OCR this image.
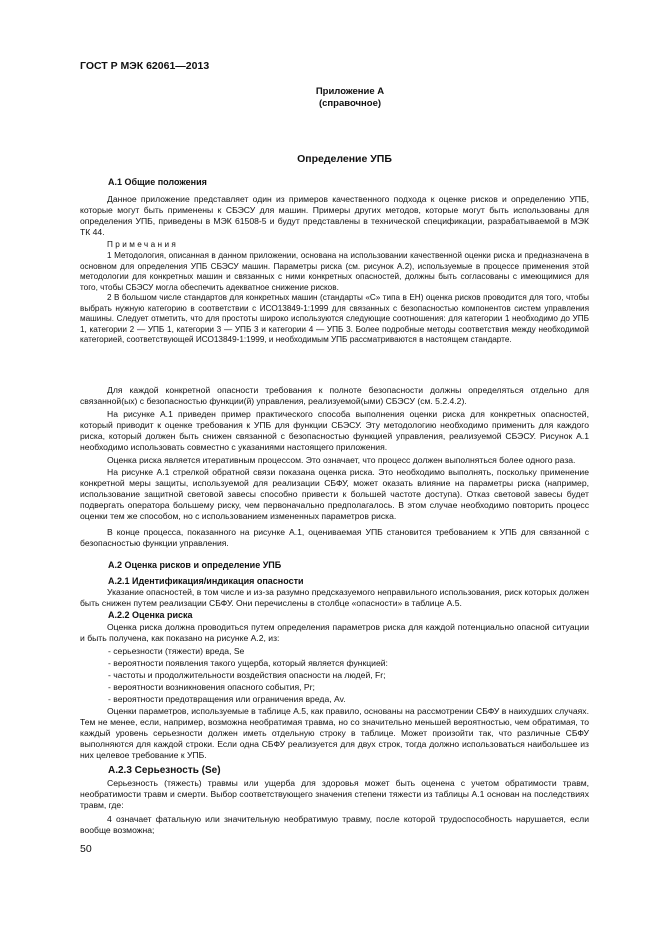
ГОСТ Р МЭК 62061—2013
Приложение А
(справочное)
Определение УПБ
А.1 Общие положения

Данное приложение представляет один из примеров качественного подхода к оценке рисков и определению УПБ, которые могут быть применены к СБЭСУ для машин. Примеры других методов, которые могут быть использованы для определения УПБ, приведены в МЭК 61508-5 и будут представлены в технической спецификации, разрабатываемой в МЭК ТК 44.

Примечания

1 Методология, описанная в данном приложении, основана на использовании качественной оценки риска и предназначена в основном для определения УПБ СБЭСУ машин. Параметры риска (см. рисунок А.2), используемые в процессе применения этой методологии для конкретных машин и связанных с ними конкретных опасностей, должны быть согласованы с имеющимися для того, чтобы СБЭСУ могла обеспечить адекватное снижение рисков.

2 В большом числе стандартов для конкретных машин (стандарты «С» типа в ЕН) оценка рисков проводится для того, чтобы выбрать нужную категорию в соответствии с ИСО13849-1:1999 для связанных с безопасностью компонентов систем управления машины. Следует отметить, что для простоты широко используются следующие соотношения: для категории 1 необходимо до УПБ 1, категории 2 — УПБ 1, категории 3 — УПБ 3 и категории 4 — УПБ 3. Более подробные методы соответствия между необходимой категорией, соответствующей ИСО13849-1:1999, и необходимым УПБ рассматриваются в настоящем стандарте.

Для каждой конкретной опасности требования к полноте безопасности должны определяться отдельно для связанной(ых) с безопасностью функции(й) управления, реализуемой(ыми) СБЭСУ (см. 5.2.4.2).

На рисунке А.1 приведен пример практического способа выполнения оценки риска для конкретных опасностей, который приводит к оценке требования к УПБ для функции СБЭСУ. Эту методологию необходимо применить для каждого риска, который должен быть снижен связанной с безопасностью функцией управления, реализуемой СБЭСУ. Рисунок А.1 необходимо использовать совместно с указаниями настоящего приложения.

Оценка риска является итеративным процессом. Это означает, что процесс должен выполняться более одного раза.

На рисунке А.1 стрелкой обратной связи показана оценка риска. Это необходимо выполнять, поскольку применение конкретной меры защиты, используемой для реализации СБФУ, может оказать влияние на параметры риска (например, использование защитной световой завесы способно привести к большей частоте доступа). Отказ световой завесы будет подвергать оператора большему риску, чем первоначально предполагалось. В этом случае необходимо повторить процесс оценки тем же способом, но с использованием измененных параметров риска.

В конце процесса, показанного на рисунке А.1, оцениваемая УПБ становится требованием к УПБ для связанной с безопасностью функции управления.

А.2 Оценка рисков и определение УПБ
А.2.1 Идентификация/индикация опасности

Указание опасностей, в том числе и из-за разумно предсказуемого неправильного использования, риск которых должен быть снижен путем реализации СБФУ. Они перечислены в столбце «опасности» в таблице А.5.

А.2.2 Оценка риска

Оценка риска должна проводиться путем определения параметров риска для каждой потенциально опасной ситуации и быть получена, как показано на рисунке А.2, из:

- серьезности (тяжести) вреда, Se
- вероятности появления такого ущерба, который является функцией:
- частоты и продолжительности воздействия опасности на людей, Fr;
- вероятности возникновения опасного события, Pr;
- вероятности предотвращения или ограничения вреда, Av.

Оценки параметров, используемые в таблице А.5, как правило, основаны на рассмотрении СБФУ в наихудших случаях. Тем не менее, если, например, возможна необратимая травма, но со значительно меньшей вероятностью, чем обратимая, то каждый уровень серьезности должен иметь отдельную строку в таблице. Может произойти так, что различные СБФУ выполняются для каждой строки. Если одна СБФУ реализуется для двух строк, тогда должно использоваться наибольшее из них целевое требование к УПБ.

А.2.3 Серьезность (Se)

Серьезность (тяжесть) травмы или ущерба для здоровья может быть оценена с учетом обратимости травм, необратимости травм и смерти. Выбор соответствующего значения степени тяжести из таблицы А.1 основан на последствиях травм, где:

4 означает фатальную или значительную необратимую травму, после которой трудоспособность нарушается, если вообще возможна;

50
